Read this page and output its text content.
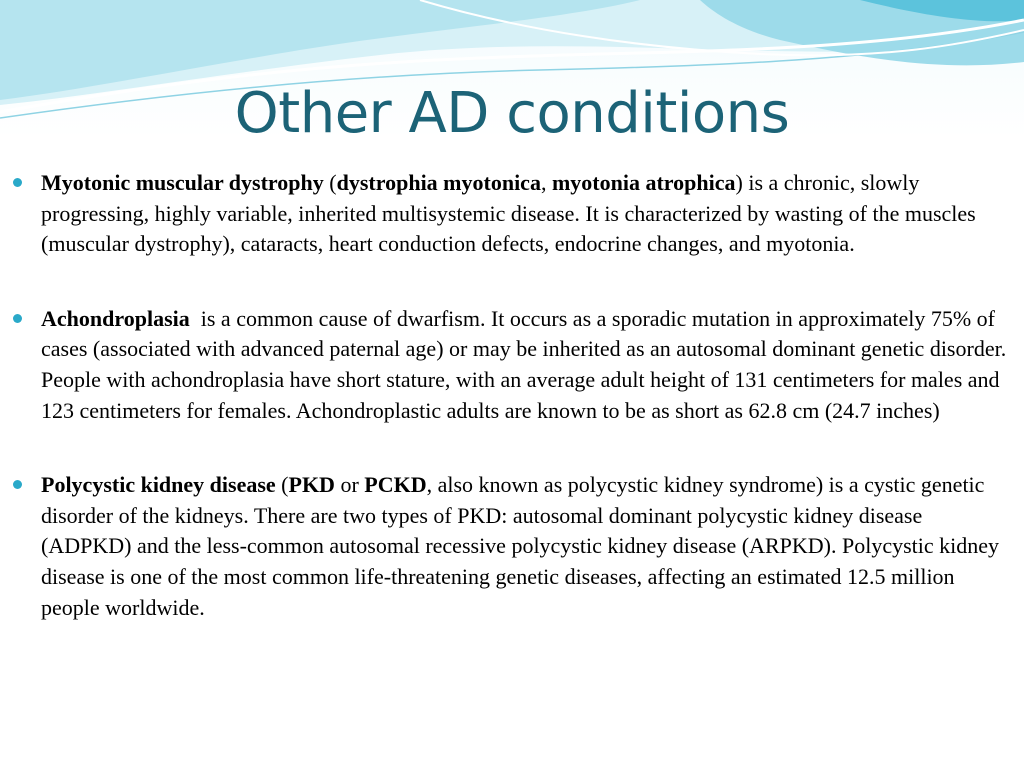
Other AD conditions
Myotonic muscular dystrophy (dystrophia myotonica, myotonia atrophica) is a chronic, slowly progressing, highly variable, inherited multisystemic disease. It is characterized by wasting of the muscles (muscular dystrophy), cataracts, heart conduction defects, endocrine changes, and myotonia.
Achondroplasia  is a common cause of dwarfism. It occurs as a sporadic mutation in approximately 75% of cases (associated with advanced paternal age) or may be inherited as an autosomal dominant genetic disorder. People with achondroplasia have short stature, with an average adult height of 131 centimeters for males and 123 centimeters for females. Achondroplastic adults are known to be as short as 62.8 cm (24.7 inches)
Polycystic kidney disease (PKD or PCKD, also known as polycystic kidney syndrome) is a cystic genetic disorder of the kidneys. There are two types of PKD: autosomal dominant polycystic kidney disease (ADPKD) and the less-common autosomal recessive polycystic kidney disease (ARPKD). Polycystic kidney disease is one of the most common life-threatening genetic diseases, affecting an estimated 12.5 million people worldwide.
